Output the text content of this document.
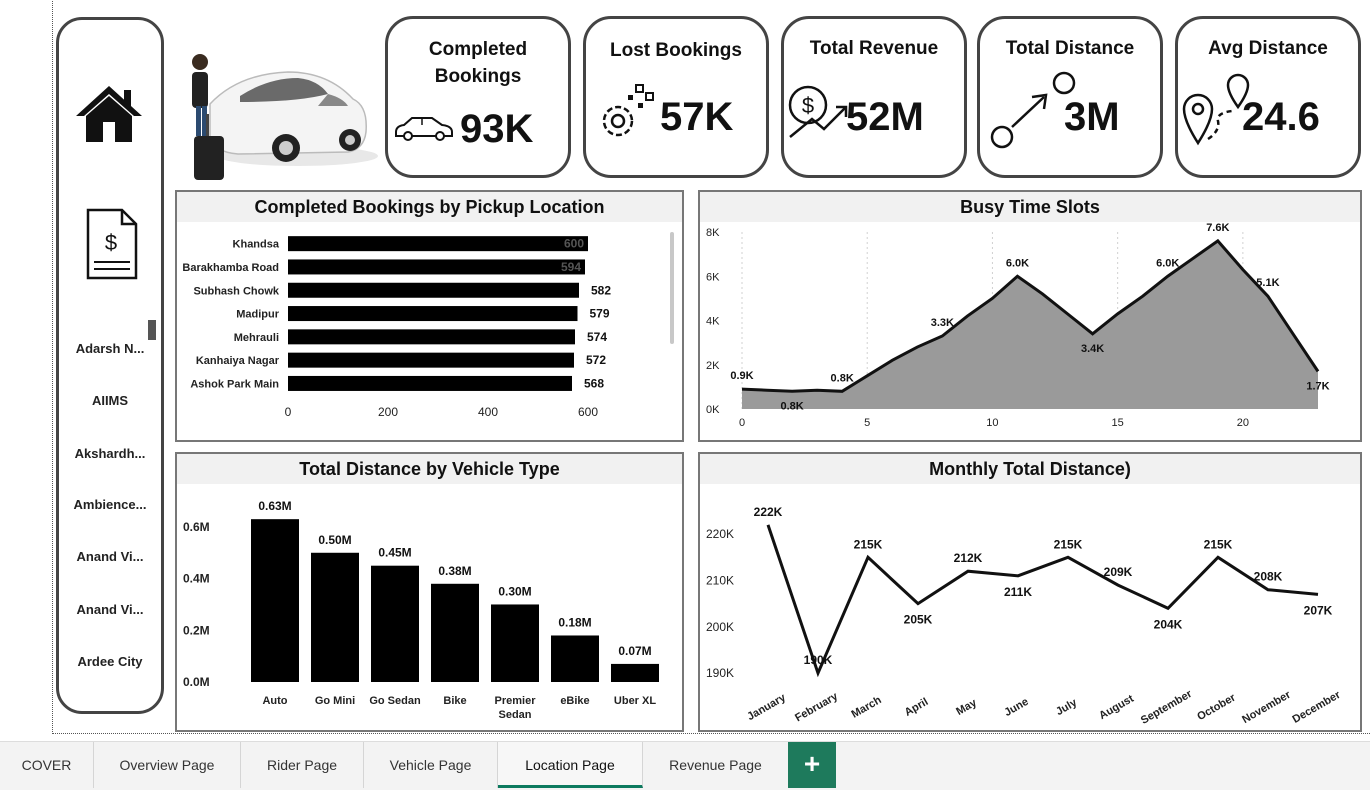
$
Adarsh N...
AIIMS
Akshardh...
Ambience...
Anand Vi...
Anand Vi...
Ardee City
Completed
Bookings
93K
Lost Bookings
57K
Total Revenue
$ 52M
Total Distance
3M
Avg Distance
24.6
Completed Bookings by Pickup Location
Khandsa	600
Barakhamba Road	594
Subhash Chowk	582
Madipur	579
Mehrauli	574
Kanhaiya Nagar	572
Ashok Park Main	568
0	200	400	600
Busy Time Slots
0	5	10	15	20
0K
2K
4K
6K
8K
0.9K
0.8K
0.8K
3.3K
6.0K
3.4K
6.0K
7.6K
5.1K
1.7K
Total Distance by Vehicle Type
0.0M
0.2M
0.4M
0.6M
0.63M
Auto
0.50M
Go Mini
0.45M
Go Sedan
0.38M
Bike
0.30M
Premier
Sedan
0.18M
eBike
0.07M
Uber XL
Monthly Total Distance)
190K
200K
210K
220K
222K
January
190K
February
215K
March
205K
April
212K
May
211K
June
215K
July
209K
August
204K
September
215K
October
208K
November
207K
December
COVER	Overview Page	Rider Page	Vehicle Page	Location Page	Revenue Page	+
